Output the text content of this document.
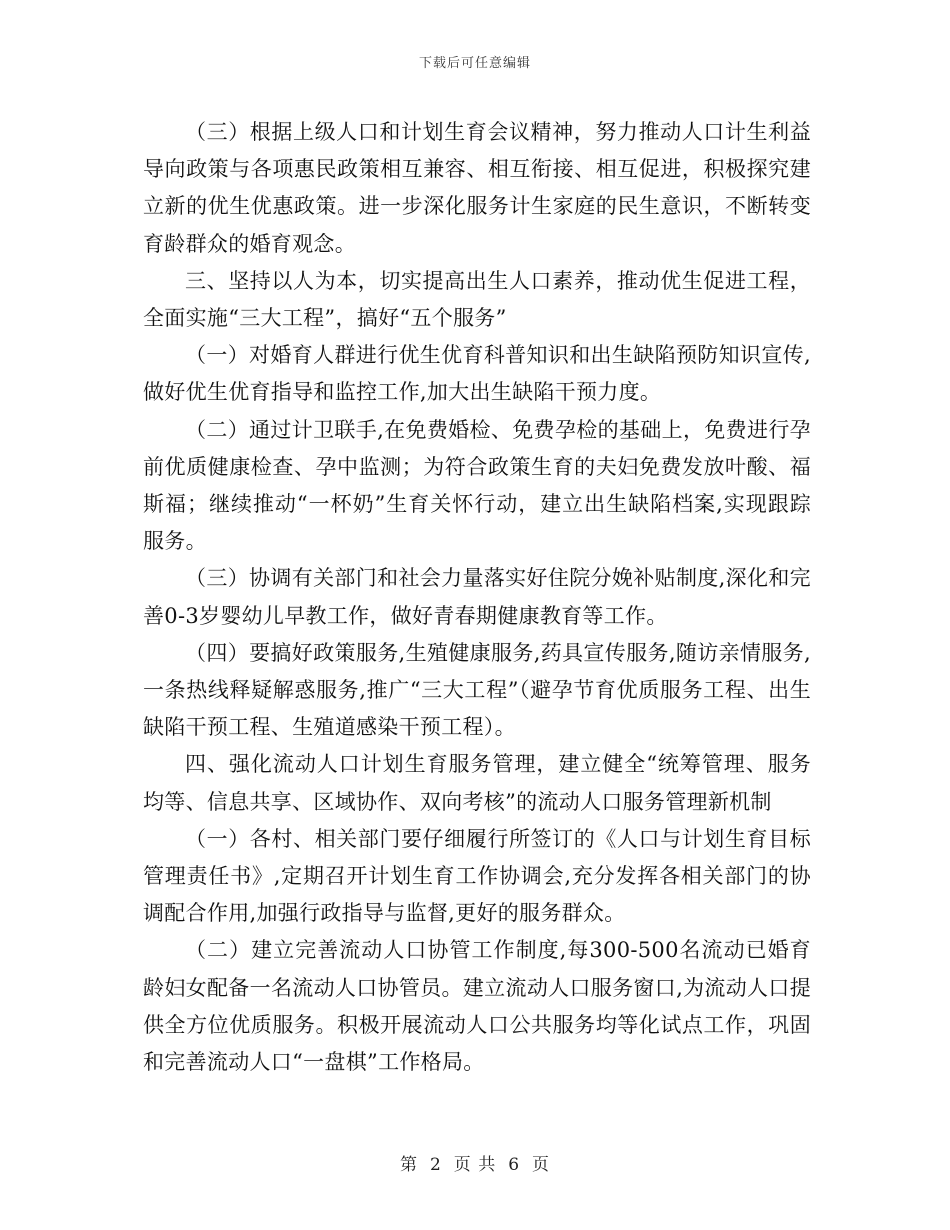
下载后可任意编辑

（三）根据上级人口和计划生育会议精神，努力推动人口计生利益导向政策与各项惠民政策相互兼容、相互衔接、相互促进，积极探究建立新的优生优惠政策。进一步深化服务计生家庭的民生意识，不断转变育龄群众的婚育观念。

三、坚持以人为本，切实提高出生人口素养，推动优生促进工程，全面实施“三大工程”，搞好“五个服务”

（一）对婚育人群进行优生优育科普知识和出生缺陷预防知识宣传,做好优生优育指导和监控工作,加大出生缺陷干预力度。

（二）通过计卫联手,在免费婚检、免费孕检的基础上，免费进行孕前优质健康检查、孕中监测；为符合政策生育的夫妇免费发放叶酸、福斯福；继续推动“一杯奶”生育关怀行动，建立出生缺陷档案,实现跟踪服务。

（三）协调有关部门和社会力量落实好住院分娩补贴制度,深化和完善0-3岁婴幼儿早教工作，做好青春期健康教育等工作。

（四）要搞好政策服务,生殖健康服务,药具宣传服务,随访亲情服务,一条热线释疑解惑服务,推广“三大工程”（避孕节育优质服务工程、出生缺陷干预工程、生殖道感染干预工程）。

四、强化流动人口计划生育服务管理，建立健全“统筹管理、服务均等、信息共享、区域协作、双向考核”的流动人口服务管理新机制

（一）各村、相关部门要仔细履行所签订的《人口与计划生育目标管理责任书》,定期召开计划生育工作协调会,充分发挥各相关部门的协调配合作用,加强行政指导与监督,更好的服务群众。

（二）建立完善流动人口协管工作制度,每300-500名流动已婚育龄妇女配备一名流动人口协管员。建立流动人口服务窗口,为流动人口提供全方位优质服务。积极开展流动人口公共服务均等化试点工作，巩固和完善流动人口“一盘棋”工作格局。

第 2 页 共 6 页
